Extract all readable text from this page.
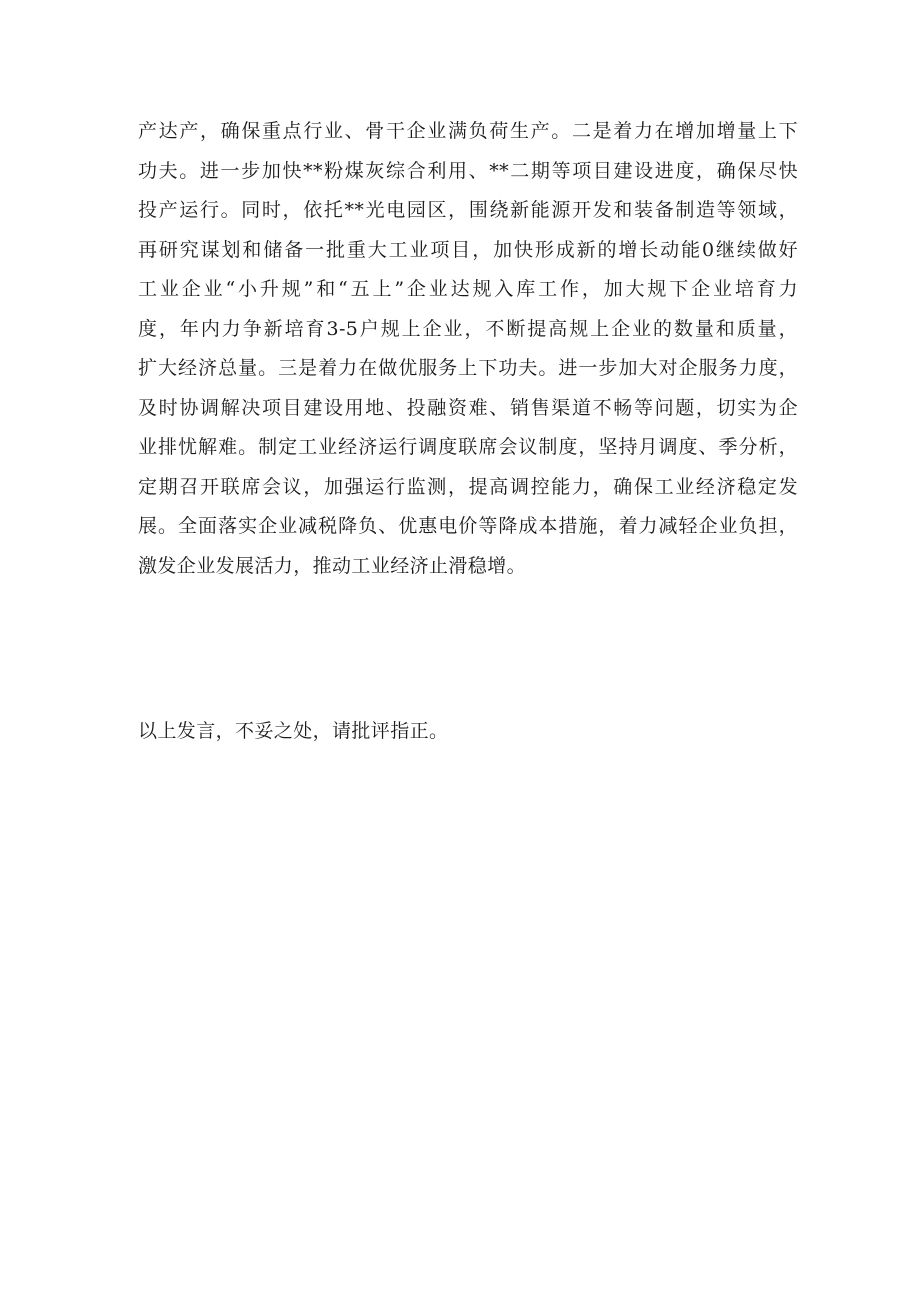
产达产，确保重点行业、骨干企业满负荷生产。二是着力在增加增量上下
功夫。进一步加快**粉煤灰综合利用、**二期等项目建设进度，确保尽快
投产运行。同时，依托**光电园区，围绕新能源开发和装备制造等领域，
再研究谋划和储备一批重大工业项目，加快形成新的增长动能0继续做好
工业企业“小升规”和“五上”企业达规入库工作，加大规下企业培育力
度，年内力争新培育3-5户规上企业，不断提高规上企业的数量和质量，
扩大经济总量。三是着力在做优服务上下功夫。进一步加大对企服务力度，
及时协调解决项目建设用地、投融资难、销售渠道不畅等问题，切实为企
业排忧解难。制定工业经济运行调度联席会议制度，坚持月调度、季分析，
定期召开联席会议，加强运行监测，提高调控能力，确保工业经济稳定发
展。全面落实企业减税降负、优惠电价等降成本措施，着力减轻企业负担，
激发企业发展活力，推动工业经济止滑稳增。

以上发言，不妥之处，请批评指正。
